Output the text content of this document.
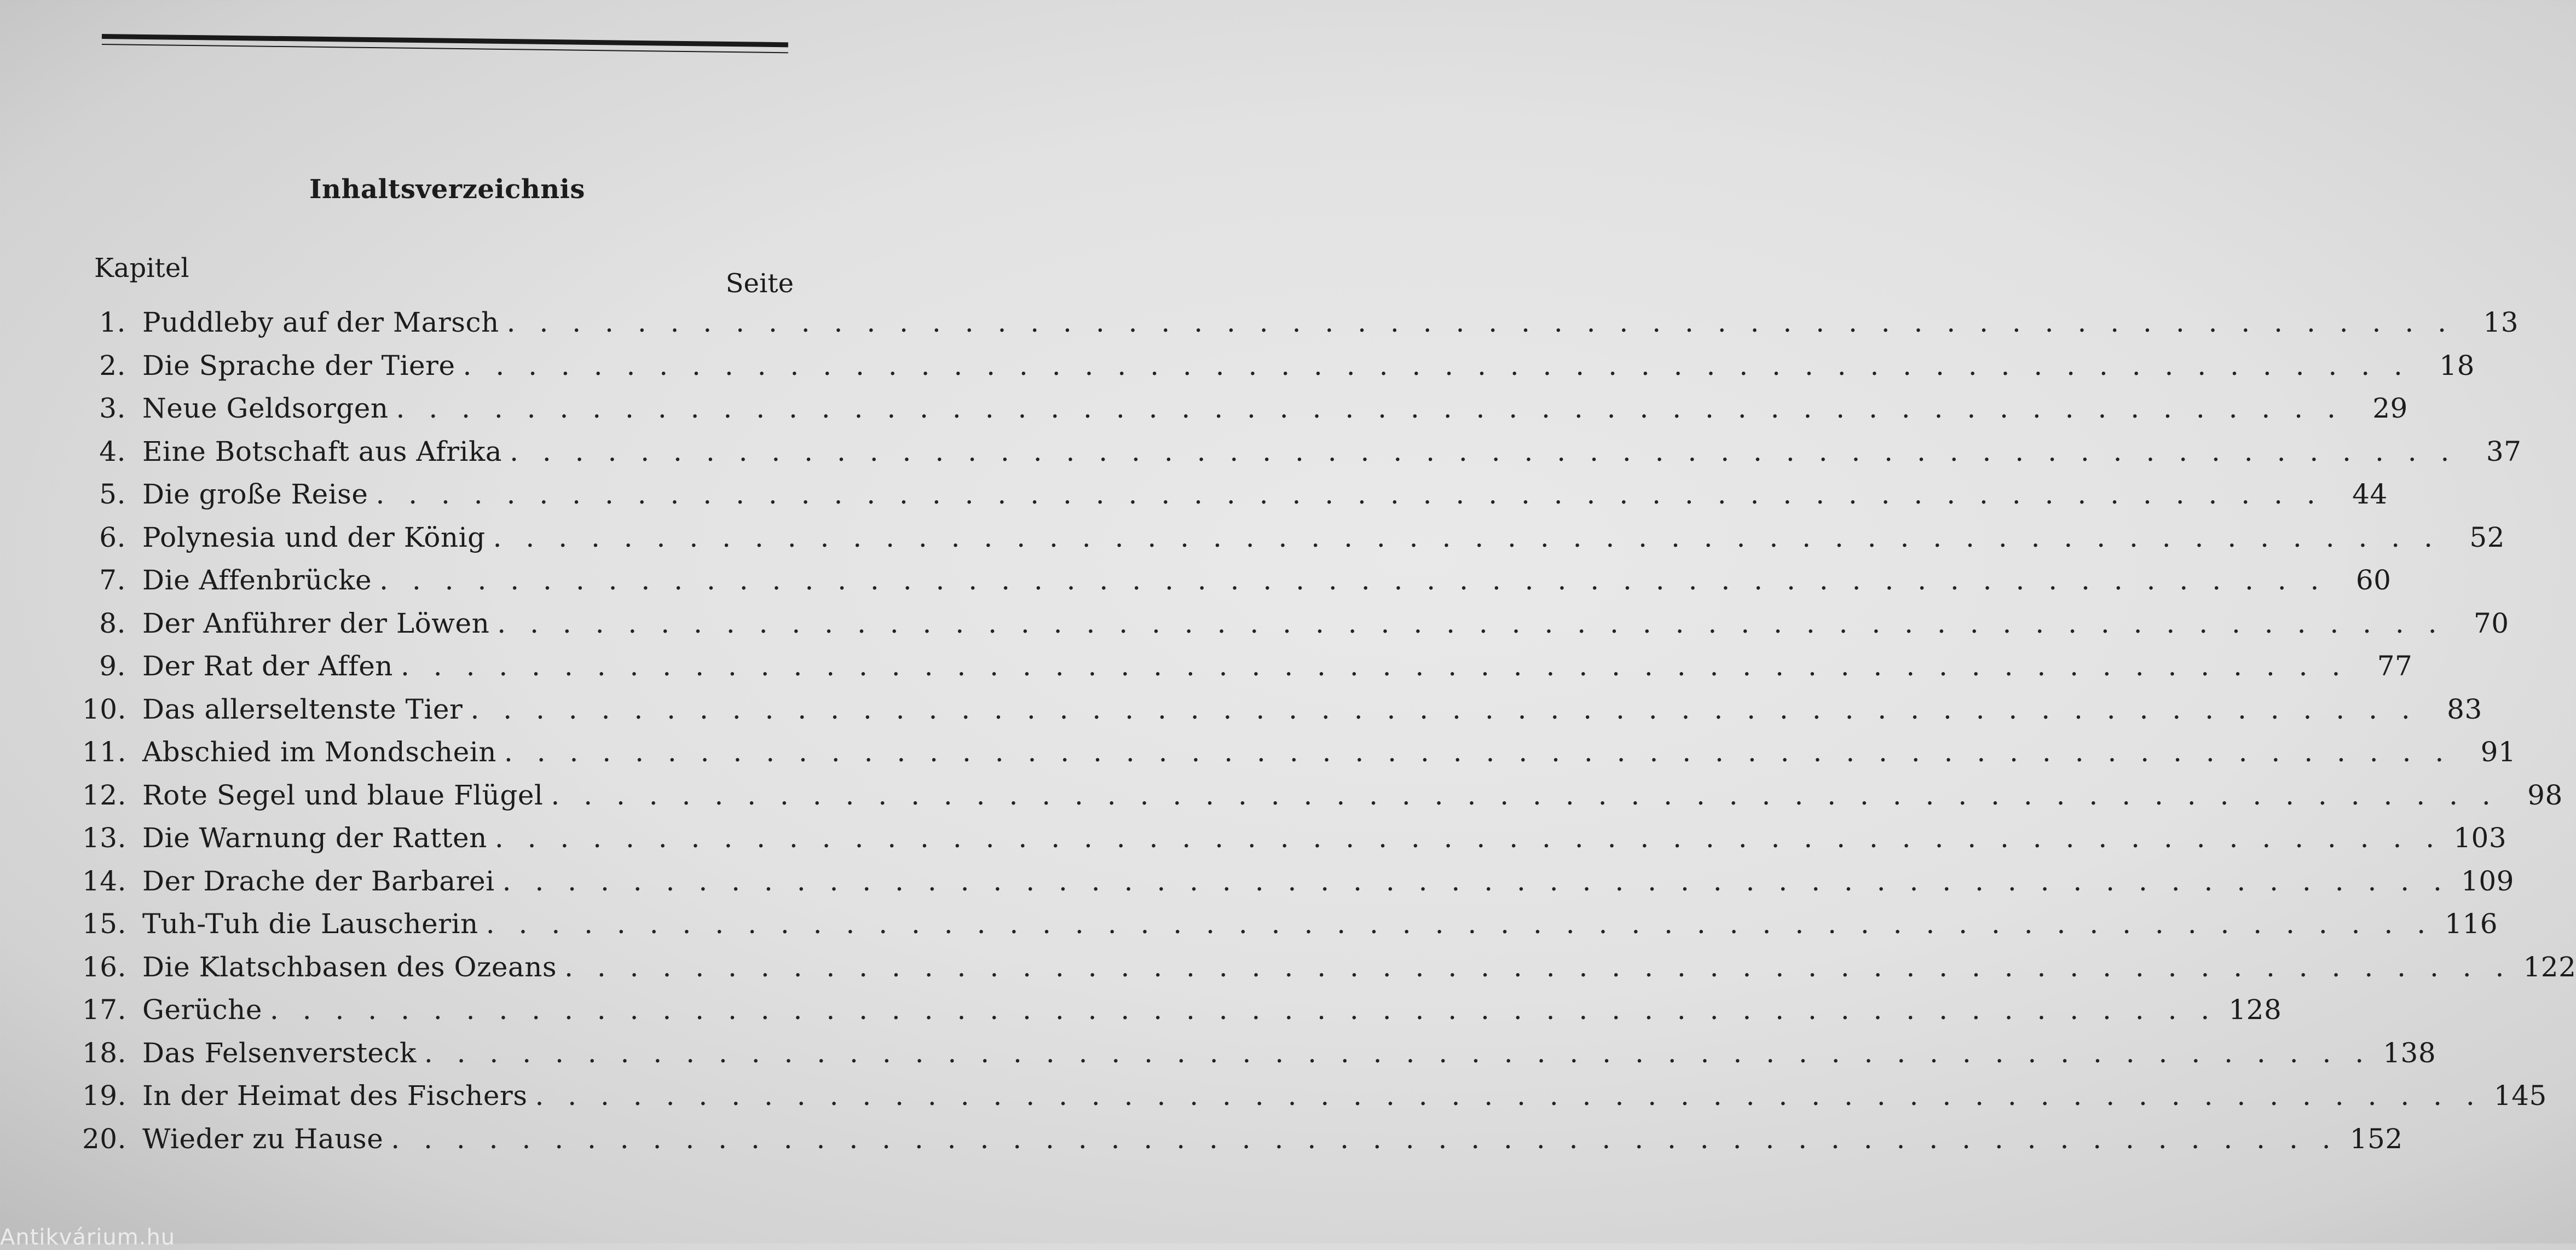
Inhaltsverzeichnis
Kapitel	Seite
1. Puddleby auf der Marsch . . . . . . . . . . . . . . . . . . . . . . . . . . . . . . . . . . . . . . . . . . . . . . . . . . . . . . . . . . . .	13
2. Die Sprache der Tiere . . . . . . . . . . . . . . . . . . . . . . . . . . . . . . . . . . . . . . . . . . . . . . . . . . . . . . . . . . . .	18
3. Neue Geldsorgen . . . . . . . . . . . . . . . . . . . . . . . . . . . . . . . . . . . . . . . . . . . . . . . . . . . . . . . . . . . .	29
4. Eine Botschaft aus Afrika . . . . . . . . . . . . . . . . . . . . . . . . . . . . . . . . . . . . . . . . . . . . . . . . . . . . . . . . . . . .	37
5. Die große Reise . . . . . . . . . . . . . . . . . . . . . . . . . . . . . . . . . . . . . . . . . . . . . . . . . . . . . . . . . . . .	44
6. Polynesia und der König . . . . . . . . . . . . . . . . . . . . . . . . . . . . . . . . . . . . . . . . . . . . . . . . . . . . . . . . . . . .	52
7. Die Affenbrücke . . . . . . . . . . . . . . . . . . . . . . . . . . . . . . . . . . . . . . . . . . . . . . . . . . . . . . . . . . . .	60
8. Der Anführer der Löwen . . . . . . . . . . . . . . . . . . . . . . . . . . . . . . . . . . . . . . . . . . . . . . . . . . . . . . . . . . . .	70
9. Der Rat der Affen . . . . . . . . . . . . . . . . . . . . . . . . . . . . . . . . . . . . . . . . . . . . . . . . . . . . . . . . . . . .	77
10. Das allerseltenste Tier . . . . . . . . . . . . . . . . . . . . . . . . . . . . . . . . . . . . . . . . . . . . . . . . . . . . . . . . . . . .	83
11. Abschied im Mondschein . . . . . . . . . . . . . . . . . . . . . . . . . . . . . . . . . . . . . . . . . . . . . . . . . . . . . . . . . . . .	91
12. Rote Segel und blaue Flügel . . . . . . . . . . . . . . . . . . . . . . . . . . . . . . . . . . . . . . . . . . . . . . . . . . . . . . . . . . . .	98
13. Die Warnung der Ratten . . . . . . . . . . . . . . . . . . . . . . . . . . . . . . . . . . . . . . . . . . . . . . . . . . . . . . . . . . . . 103
14. Der Drache der Barbarei . . . . . . . . . . . . . . . . . . . . . . . . . . . . . . . . . . . . . . . . . . . . . . . . . . . . . . . . . . . . 109
15. Tuh-Tuh die Lauscherin . . . . . . . . . . . . . . . . . . . . . . . . . . . . . . . . . . . . . . . . . . . . . . . . . . . . . . . . . . . . 116
16. Die Klatschbasen des Ozeans . . . . . . . . . . . . . . . . . . . . . . . . . . . . . . . . . . . . . . . . . . . . . . . . . . . . . . . . . . . . 122
17. Gerüche . . . . . . . . . . . . . . . . . . . . . . . . . . . . . . . . . . . . . . . . . . . . . . . . . . . . . . . . . . . . 128
18. Das Felsenversteck . . . . . . . . . . . . . . . . . . . . . . . . . . . . . . . . . . . . . . . . . . . . . . . . . . . . . . . . . . . . 138
19. In der Heimat des Fischers . . . . . . . . . . . . . . . . . . . . . . . . . . . . . . . . . . . . . . . . . . . . . . . . . . . . . . . . . . . . 145
20. Wieder zu Hause . . . . . . . . . . . . . . . . . . . . . . . . . . . . . . . . . . . . . . . . . . . . . . . . . . . . . . . . . . . . 152
Antikvárium.hu
